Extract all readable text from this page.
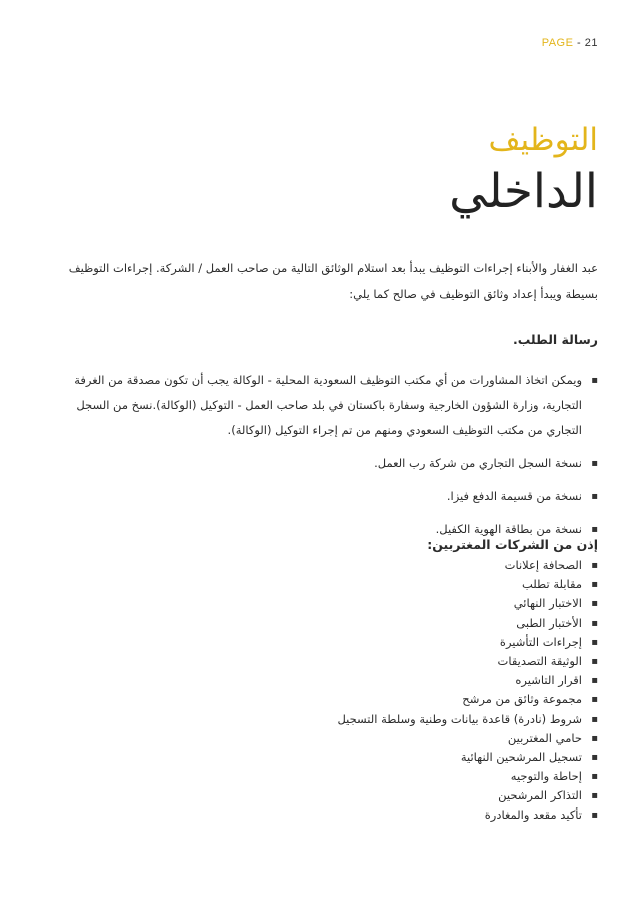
PAGE - 21
التوظيف
الداخلي

عبد الغفار والأبناء إجراءات التوظيف يبدأ بعد استلام الوثائق التالية من صاحب العمل / الشركة. إجراءات التوظيف بسيطة ويبدأ إعداد وثائق التوظيف في صالح كما يلي:

رسالة الطلب.
▪
ويمكن اتخاذ المشاورات من أي مكتب التوظيف السعودية المحلية - الوكالة يجب أن تكون مصدقة من الغرفة التجارية، وزارة الشؤون الخارجية وسفارة باكستان في بلد صاحب العمل - التوكيل (الوكالة).نسخ من السجل التجاري من مكتب التوظيف السعودي ومنهم من تم إجراء التوكيل (الوكالة).
▪
نسخة السجل التجاري من شركة رب العمل.
▪
نسخة من قسيمة الدفع فيزا.
▪
نسخة من بطاقة الهوية الكفيل.
إذن من الشركات المغتربين:
▪
الصحافة إعلانات
▪
مقابلة تطلب
▪
الاختبار النهائي
▪
الأختبار الطبى
▪
إجراءات التأشيرة
▪
الوثيقة التصديقات
▪
اقرار التاشيره
▪
مجموعة وثائق من مرشح
▪
شروط (نادرة) قاعدة بيانات وطنية وسلطة التسجيل
▪
حامي المغتربين
▪
تسجيل المرشحين النهائية
▪
إحاطة والتوجيه
▪
التذاكر المرشحين
▪
تأكيد مقعد والمغادرة
